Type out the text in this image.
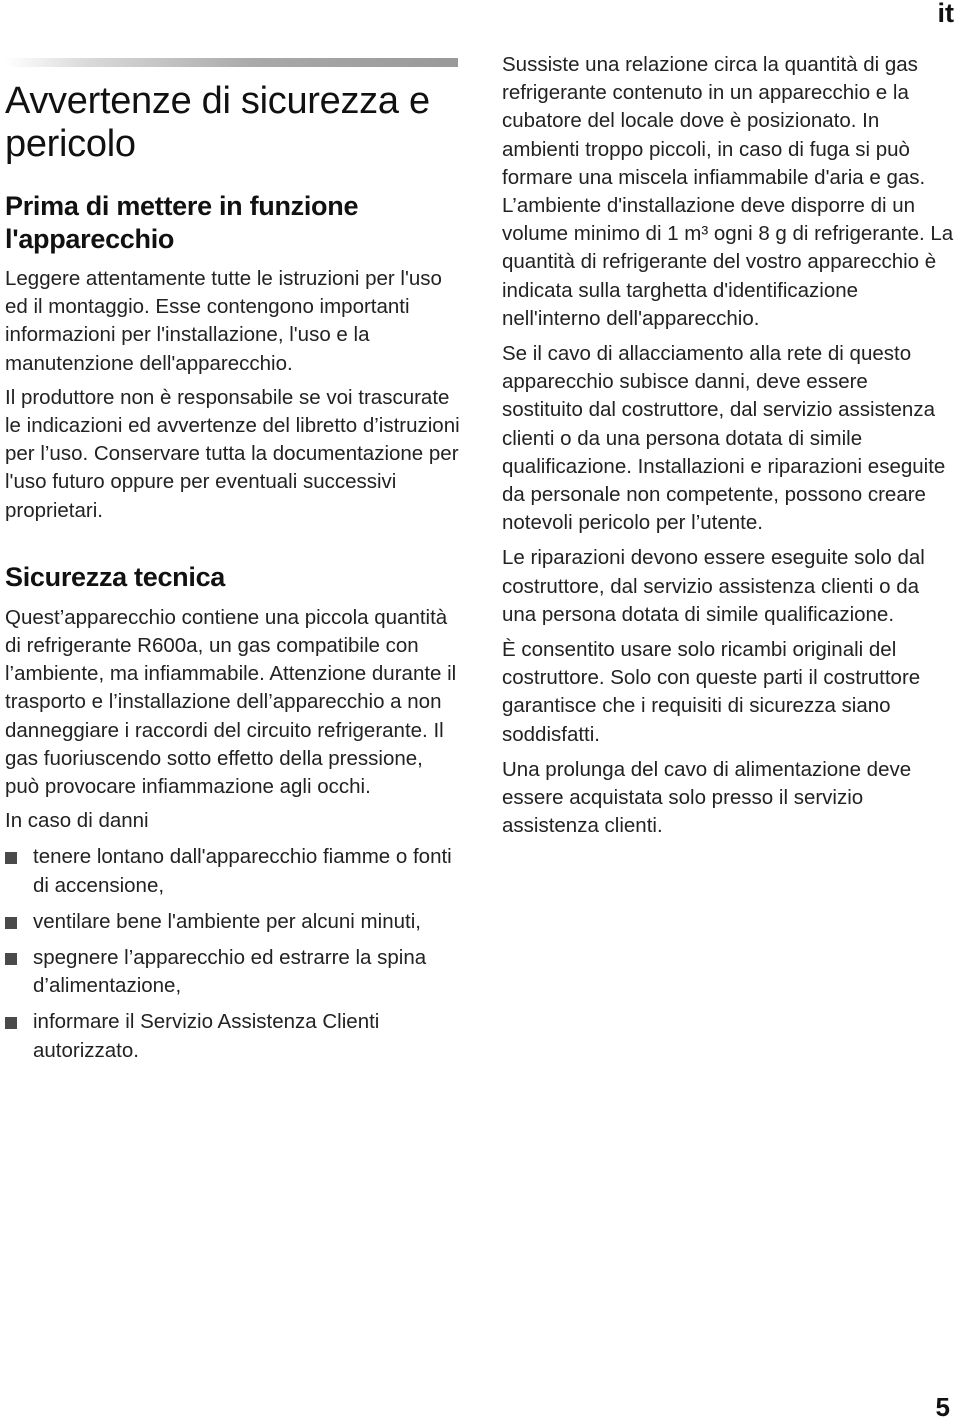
it
Avvertenze di sicurezza e pericolo
Prima di mettere in funzione l'apparecchio

Leggere attentamente tutte le istruzioni per l'uso ed il montaggio. Esse contengono importanti informazioni per l'installazione, l'uso e la manutenzione dell'apparecchio.

Il produttore non è responsabile se voi trascurate le indicazioni ed avvertenze del libretto d’istruzioni per l’uso. Conservare tutta la documentazione per l'uso futuro oppure per eventuali successivi proprietari.

Sicurezza tecnica

Quest’apparecchio contiene una piccola quantità di refrigerante R600a, un gas compatibile con l’ambiente, ma infiammabile. Attenzione durante il trasporto e l’installazione dell’apparecchio a non danneggiare i raccordi del circuito refrigerante. Il gas fuoriuscendo sotto effetto della pressione, può provocare infiammazione agli occhi.

In caso di danni

tenere lontano dall'apparecchio fiamme o fonti di accensione,
ventilare bene l'ambiente per alcuni minuti,
spegnere l’apparecchio ed estrarre la spina d’alimentazione,
informare il Servizio Assistenza Clienti autorizzato.

Sussiste una relazione circa la quantità di gas refrigerante contenuto in un apparecchio e la cubatore del locale dove è posizionato. In ambienti troppo piccoli, in caso di fuga si può formare una miscela infiammabile d'aria e gas. L’ambiente d'installazione deve disporre di un volume minimo di 1 m³ ogni 8 g di refrigerante. La quantità di refrigerante del vostro apparecchio è indicata sulla targhetta d'identificazione nell'interno dell'apparecchio.

Se il cavo di allacciamento alla rete di questo apparecchio subisce danni, deve essere sostituito dal costruttore, dal servizio assistenza clienti o da una persona dotata di simile qualificazione. Installazioni e riparazioni eseguite da personale non competente, possono creare notevoli pericolo per l’utente.

Le riparazioni devono essere eseguite solo dal costruttore, dal servizio assistenza clienti o da una persona dotata di simile qualificazione.

È consentito usare solo ricambi originali del costruttore. Solo con queste parti il costruttore garantisce che i requisiti di sicurezza siano soddisfatti.

Una prolunga del cavo di alimentazione deve essere acquistata solo presso il servizio assistenza clienti.

5
